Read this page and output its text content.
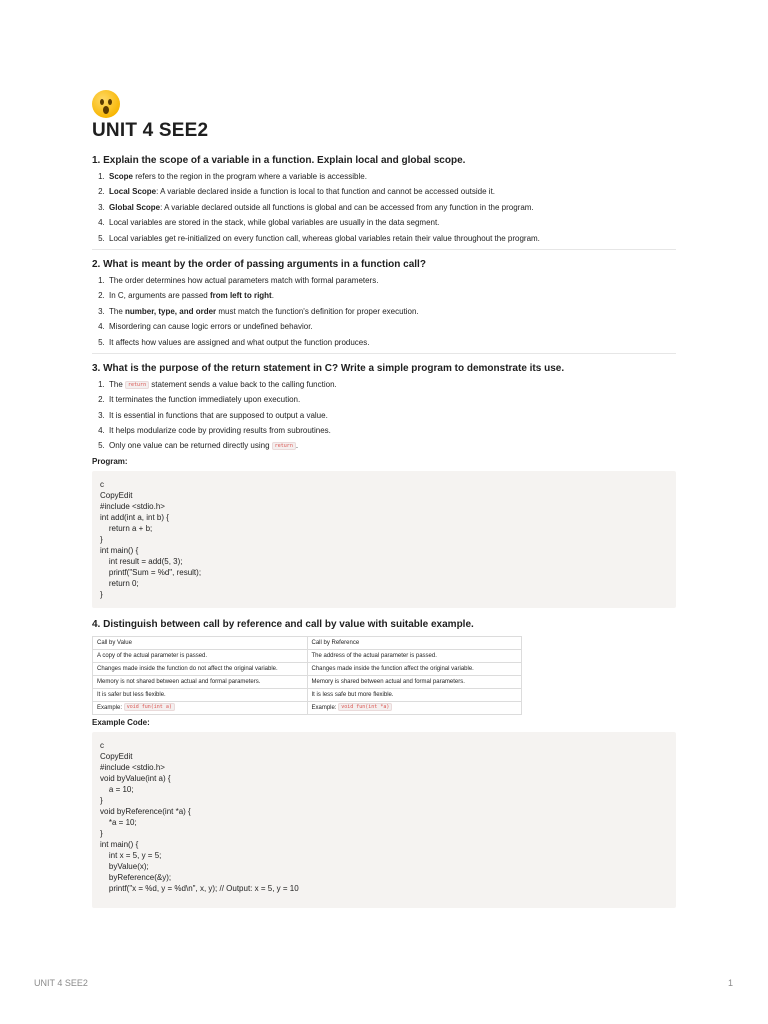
UNIT 4 SEE2
1. Explain the scope of a variable in a function. Explain local and global scope.
1. Scope refers to the region in the program where a variable is accessible.
2. Local Scope: A variable declared inside a function is local to that function and cannot be accessed outside it.
3. Global Scope: A variable declared outside all functions is global and can be accessed from any function in the program.
4. Local variables are stored in the stack, while global variables are usually in the data segment.
5. Local variables get re-initialized on every function call, whereas global variables retain their value throughout the program.
2. What is meant by the order of passing arguments in a function call?
1. The order determines how actual parameters match with formal parameters.
2. In C, arguments are passed from left to right.
3. The number, type, and order must match the function's definition for proper execution.
4. Misordering can cause logic errors or undefined behavior.
5. It affects how values are assigned and what output the function produces.
3. What is the purpose of the return statement in C? Write a simple program to demonstrate its use.
1. The return statement sends a value back to the calling function.
2. It terminates the function immediately upon execution.
3. It is essential in functions that are supposed to output a value.
4. It helps modularize code by providing results from subroutines.
5. Only one value can be returned directly using return .
Program:
c
CopyEdit
#include <stdio.h>
int add(int a, int b) {
return a + b;
}
int main() {
int result = add(5, 3);
printf("Sum = %d", result);
return 0;
}
4. Distinguish between call by reference and call by value with suitable example.
Call by Value	Call by Reference
A copy of the actual parameter is passed.	The address of the actual parameter is passed.
Changes made inside the function do not affect the original variable.	Changes made inside the function affect the original variable.
Memory is not shared between actual and formal parameters.	Memory is shared between actual and formal parameters.
It is safer but less flexible.	It is less safe but more flexible.
Example: void fun(int a)	Example: void fun(int *a)
Example Code:
c
CopyEdit
#include <stdio.h>
void byValue(int a) {
a = 10;
}
void byReference(int *a) {
*a = 10;
}
int main() {
int x = 5, y = 5;
byValue(x);
byReference(&y);
printf("x = %d, y = %d\n", x, y); // Output: x = 5, y = 10
UNIT 4 SEE2	1
